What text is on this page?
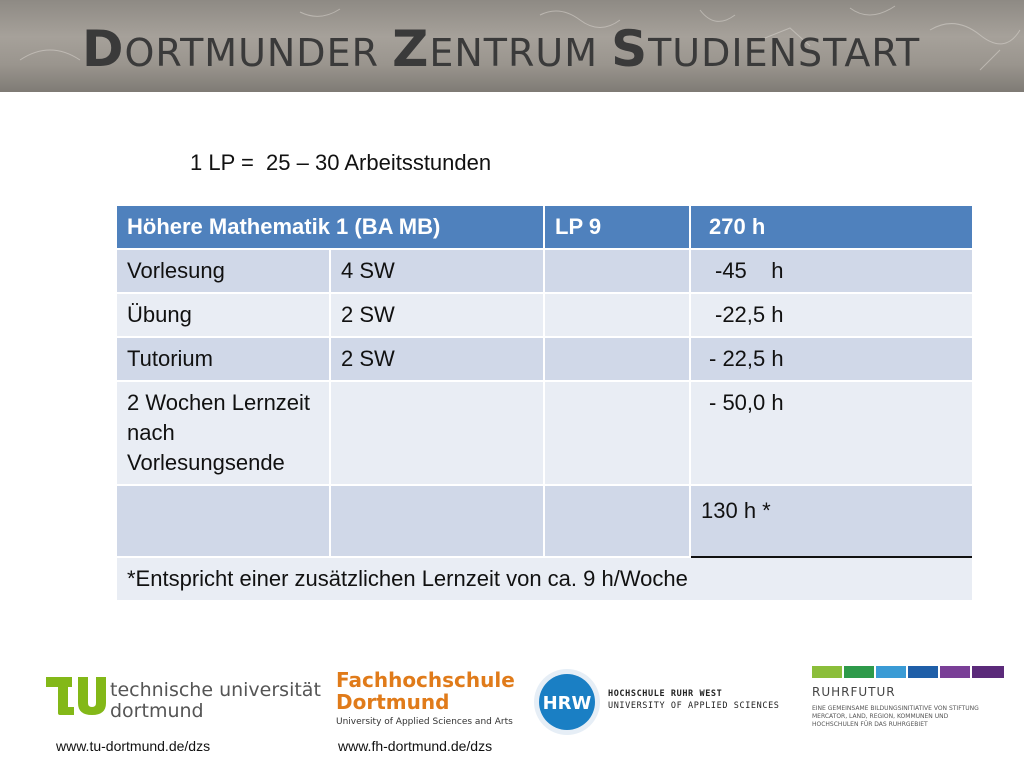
DORTMUNDER ZENTRUM STUDIENSTART
1 LP =  25 – 30 Arbeitsstunden
Höhere Mathematik 1 (BA MB)		LP 9	270 h
Vorlesung	4 SW		-45    h
Übung	2 SW		-22,5 h
Tutorium	2 SW		- 22,5 h
2 Wochen Lernzeit nach Vorlesungsende			- 50,0 h
			130 h *
*Entspricht einer zusätzlichen Lernzeit von ca. 9 h/Woche			
technische universität
dortmund
Fachhochschule
Dortmund
University of Applied Sciences and Arts
HRW HOCHSCHULE RUHR WEST
UNIVERSITY OF APPLIED SCIENCES
RUHRFUTUR
EINE GEMEINSAME BILDUNGSINITIATIVE VON STIFTUNG MERCATOR, LAND, REGION, KOMMUNEN UND HOCHSCHULEN FÜR DAS RUHRGEBIET
www.tu-dortmund.de/dzs	www.fh-dortmund.de/dzs
